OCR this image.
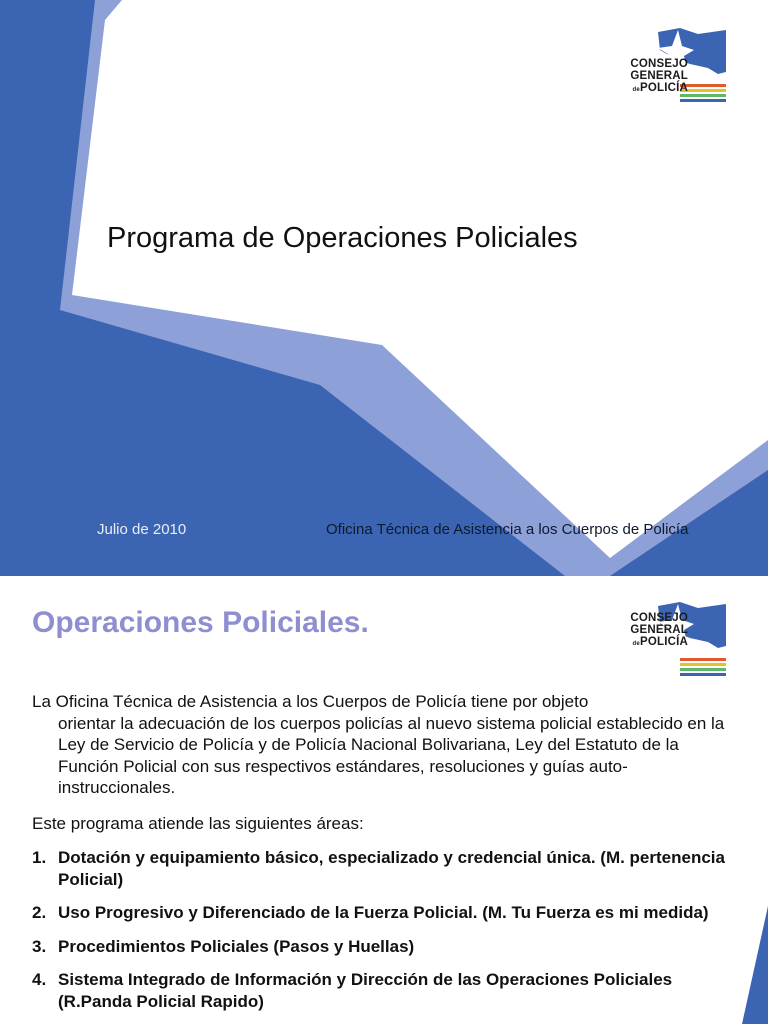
CONSEJO
GENERAL
dePOLICÍA
Programa de Operaciones Policiales
Julio de 2010	Oficina Técnica de Asistencia a los Cuerpos de Policía
CONSEJO
GENERAL
dePOLICÍA
Operaciones Policiales.
La Oficina Técnica de Asistencia a los Cuerpos de Policía tiene por objeto
orientar la adecuación de los cuerpos policías al nuevo sistema policial establecido en la Ley de Servicio de Policía y de Policía Nacional Bolivariana, Ley del Estatuto de la Función Policial con sus respectivos estándares, resoluciones y guías auto-instruccionales.
Este programa atiende las siguientes áreas:
1. Dotación y equipamiento básico, especializado y credencial única. (M. pertenencia Policial)
2. Uso Progresivo y Diferenciado de la Fuerza Policial. (M. Tu Fuerza es mi medida)
3. Procedimientos Policiales (Pasos y Huellas)
4. Sistema Integrado de Información y Dirección de las Operaciones Policiales (R.Panda Policial Rapido)
